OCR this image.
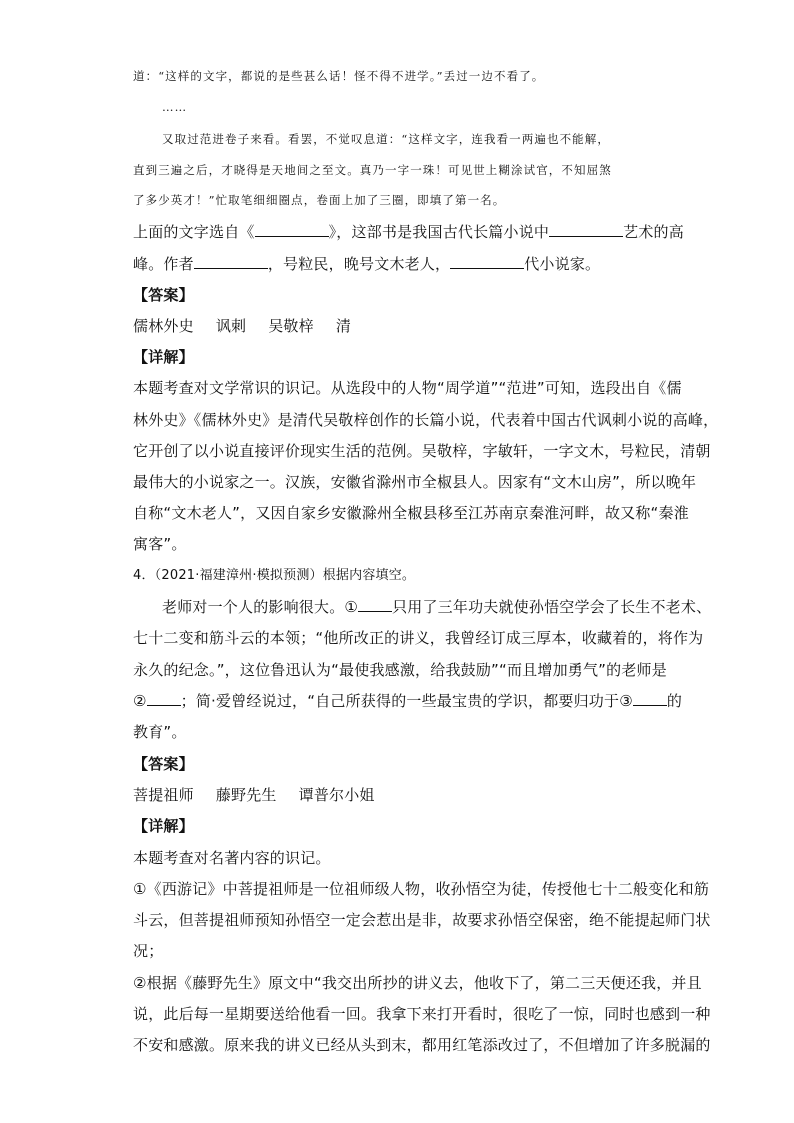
道：“这样的文字，都说的是些甚么话！怪不得不进学。”丢过一边不看了。
……
又取过范进卷子来看。看罢，不觉叹息道：“这样文字，连我看一两遍也不能解，
直到三遍之后，才晓得是天地间之至文。真乃一字一珠！可见世上糊涂试官，不知屈煞
了多少英才！”忙取笔细细圈点，卷面上加了三圈，即填了第一名。
上面的文字选自《	》，这部书是我国古代长篇小说中	艺术的高
峰。作者	，号粒民，晚号文木老人，	代小说家。
【答案】
儒林外史 讽刺 吴敬梓 清
【详解】
本题考查对文学常识的识记。从选段中的人物“周学道”“范进”可知，选段出自《儒
林外史》《儒林外史》是清代吴敬梓创作的长篇小说，代表着中国古代讽刺小说的高峰，
它开创了以小说直接评价现实生活的范例。吴敬梓，字敏轩，一字文木，号粒民，清朝
最伟大的小说家之一。汉族，安徽省滁州市全椒县人。因家有“文木山房”，所以晚年
自称“文木老人”，又因自家乡安徽滁州全椒县移至江苏南京秦淮河畔，故又称“秦淮
寓客”。
4．（2021·福建漳州·模拟预测）根据内容填空。
老师对一个人的影响很大。① 只用了三年功夫就使孙悟空学会了长生不老术、
七十二变和筋斗云的本领；“他所改正的讲义，我曾经订成三厚本，收藏着的，将作为
永久的纪念。”，这位鲁迅认为“最使我感激，给我鼓励”“而且增加勇气”的老师是
② ；简·爱曾经说过，“自己所获得的一些最宝贵的学识，都要归功于③ 的
教育”。
【答案】
菩提祖师 藤野先生 谭普尔小姐
【详解】
本题考查对名著内容的识记。
①《西游记》中菩提祖师是一位祖师级人物，收孙悟空为徒，传授他七十二般变化和筋
斗云，但菩提祖师预知孙悟空一定会惹出是非，故要求孙悟空保密，绝不能提起师门状
况；
②根据《藤野先生》原文中“我交出所抄的讲义去，他收下了，第二三天便还我，并且
说，此后每一星期要送给他看一回。我拿下来打开看时，很吃了一惊，同时也感到一种
不安和感激。原来我的讲义已经从头到末，都用红笔添改过了，不但增加了许多脱漏的
